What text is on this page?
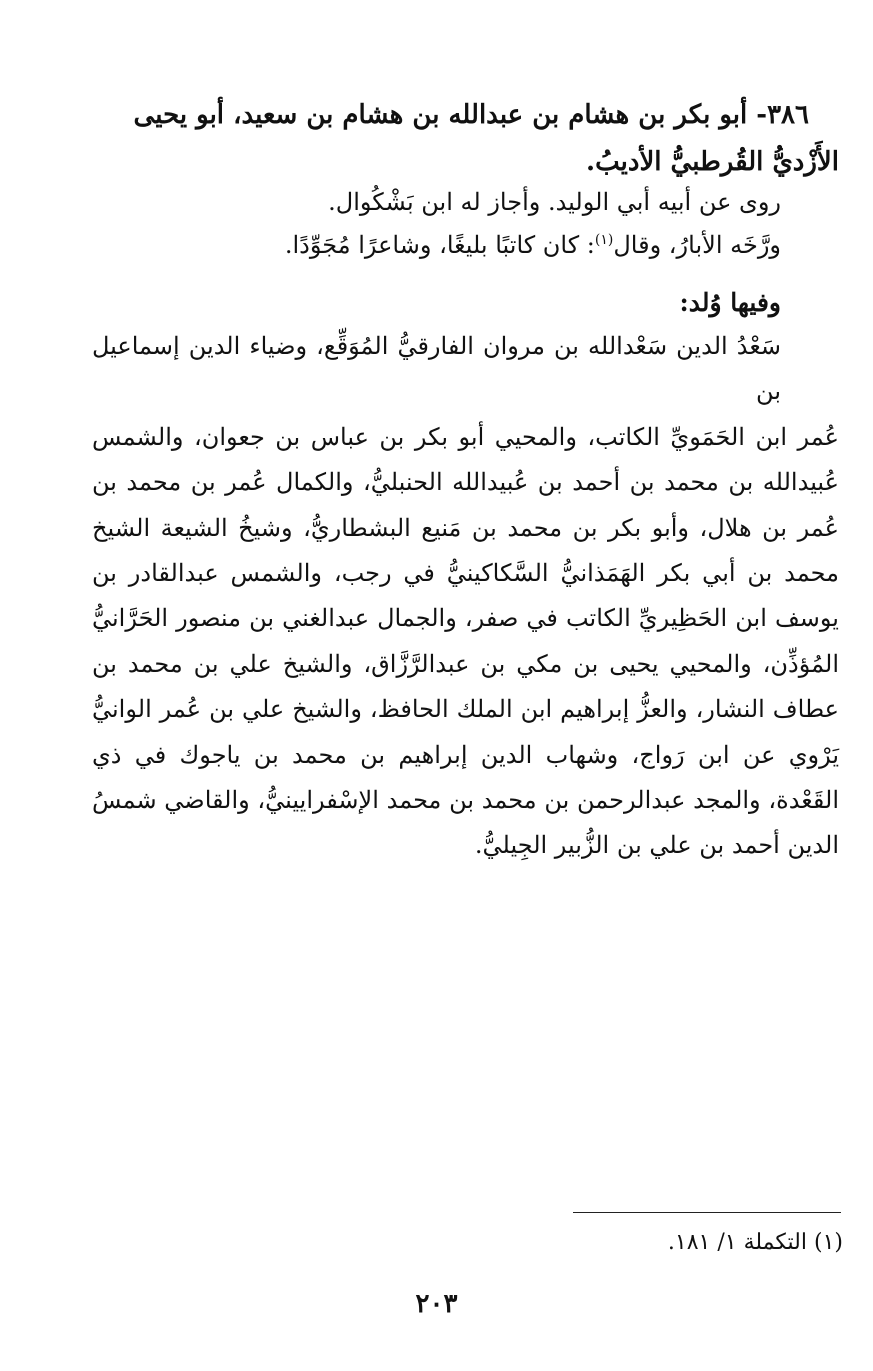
٣٨٦- أبو بكر بن هشام بن عبدالله بن هشام بن سعيد، أبو يحيى
الأَزْديُّ القُرطبيُّ الأديبُ.
روى عن أبيه أبي الوليد. وأجاز له ابن بَشْكُوال.
ورَّخَه الأبارُ، وقال$^{(١)}$: كان كاتبًا بليغًا، وشاعرًا مُجَوِّدًا.
وفيها وُلد:
سَعْدُ الدين سَعْدالله بن مروان الفارقيُّ المُوَقِّع، وضياء الدين إسماعيل بن
عُمر ابن الحَمَويِّ الكاتب، والمحيي أبو بكر بن عباس بن جعوان، والشمس
عُبيدالله بن محمد بن أحمد بن عُبيدالله الحنبليُّ، والكمال عُمر بن محمد بن
عُمر بن هلال، وأبو بكر بن محمد بن مَنيع البشطاريُّ، وشيخُ الشيعة الشيخ
محمد بن أبي بكر الهَمَذانيُّ السَّكاكينيُّ في رجب، والشمس عبدالقادر بن
يوسف ابن الحَظِيريِّ الكاتب في صفر، والجمال عبدالغني بن منصور الحَرَّانيُّ
المُؤذِّن، والمحيي يحيى بن مكي بن عبدالرَّزَّاق، والشيخ علي بن محمد بن
عطاف النشار، والعزُّ إبراهيم ابن الملك الحافظ، والشيخ علي بن عُمر الوانيُّ
يَرْوي عن ابن رَواج، وشهاب الدين إبراهيم بن محمد بن ياجوك في ذي
القَعْدة، والمجد عبدالرحمن بن محمد بن محمد الإسْفرايينيُّ، والقاضي شمسُ
الدين أحمد بن علي بن الزُّبير الجِيليُّ.
(١) التكملة ١/ ١٨١.
٢٠٣
